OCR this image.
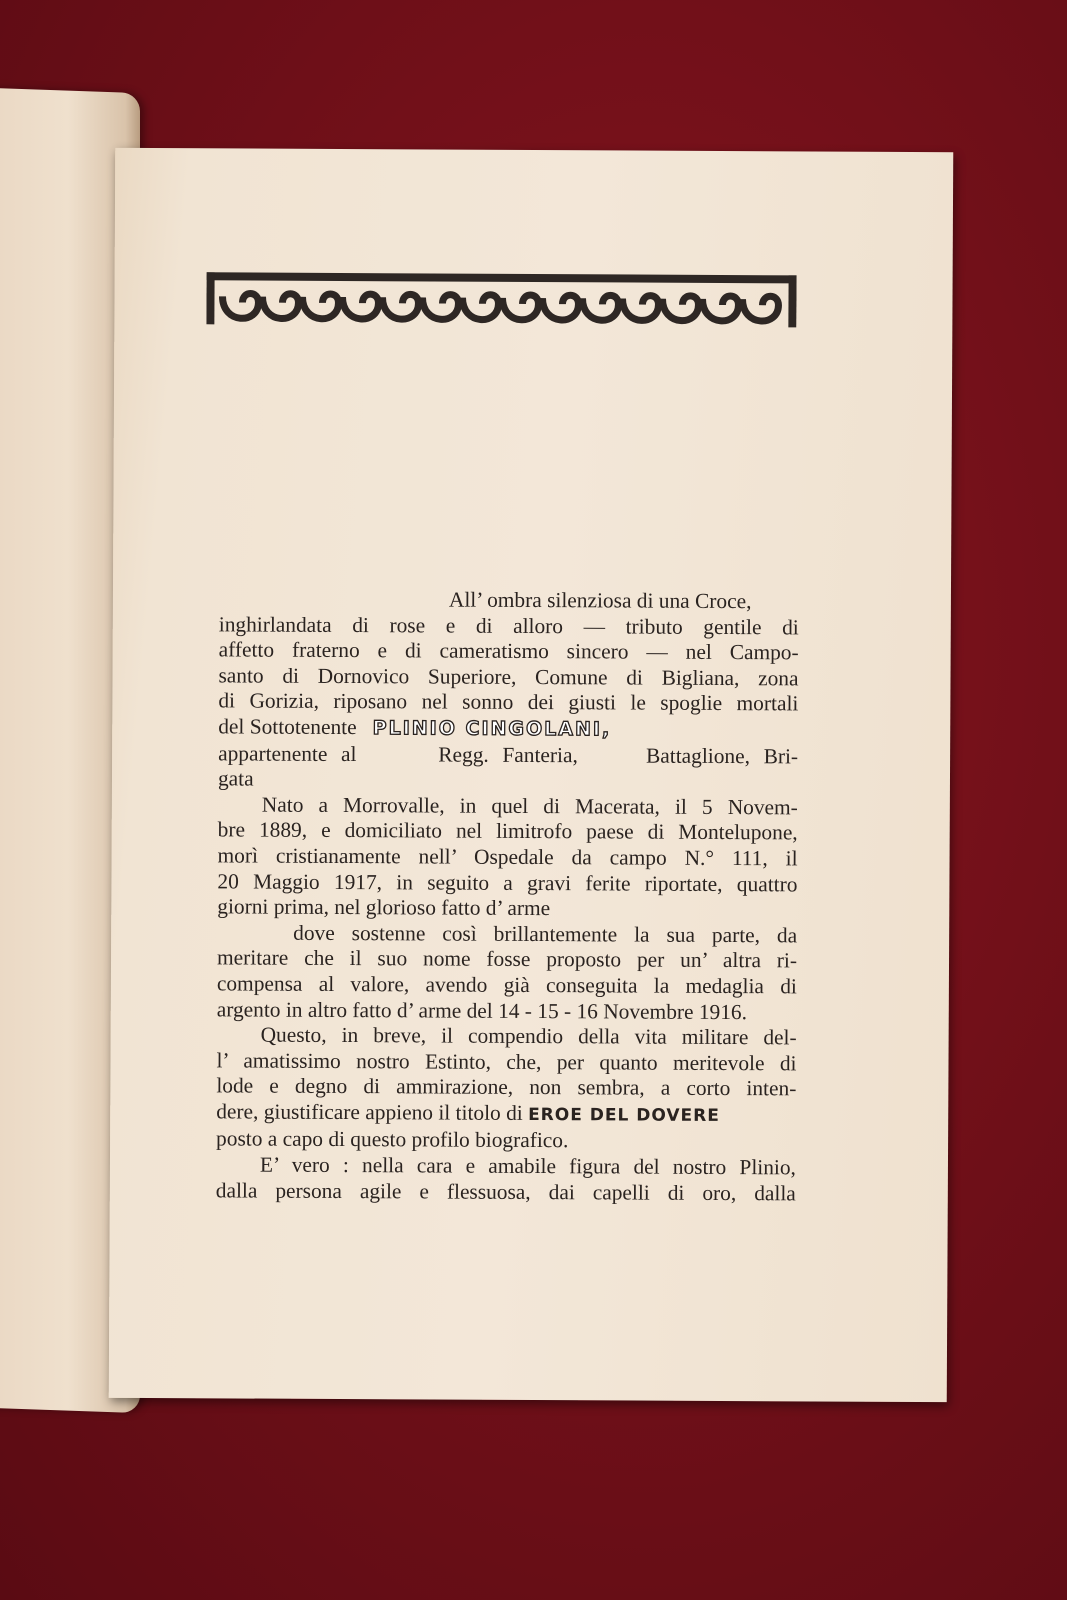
All’ ombra silenziosa di una Croce,
inghirlandata di rose e di alloro — tributo gentile di
affetto fraterno e di cameratismo sincero — nel Campo-
santo di Dornovico Superiore, Comune di Bigliana, zona
di Gorizia, riposano nel sonno dei giusti le spoglie mortali
del Sottotenente PLINIO CINGOLANI,
appartenente al      Regg. Fanteria,     Battaglione, Bri-
gata
Nato a Morrovalle, in quel di Macerata, il 5 Novem-
bre 1889, e domiciliato nel limitrofo paese di Montelupone,
morì cristianamente nell’ Ospedale da campo N.° 111, il
20 Maggio 1917, in seguito a gravi ferite riportate, quattro
giorni prima, nel glorioso fatto d’ arme
dove sostenne così brillantemente la sua parte, da
meritare che il suo nome fosse proposto per un’ altra ri-
compensa al valore, avendo già conseguita la medaglia di
argento in altro fatto d’ arme del 14 - 15 - 16 Novembre 1916.
Questo, in breve, il compendio della vita militare del-
l’ amatissimo nostro Estinto, che, per quanto meritevole di
lode e degno di ammirazione, non sembra, a corto inten-
dere, giustificare appieno il titolo di EROE DEL DOVERE
posto a capo di questo profilo biografico.
E’ vero : nella cara e amabile figura del nostro Plinio,
dalla persona agile e flessuosa, dai capelli di oro, dalla
